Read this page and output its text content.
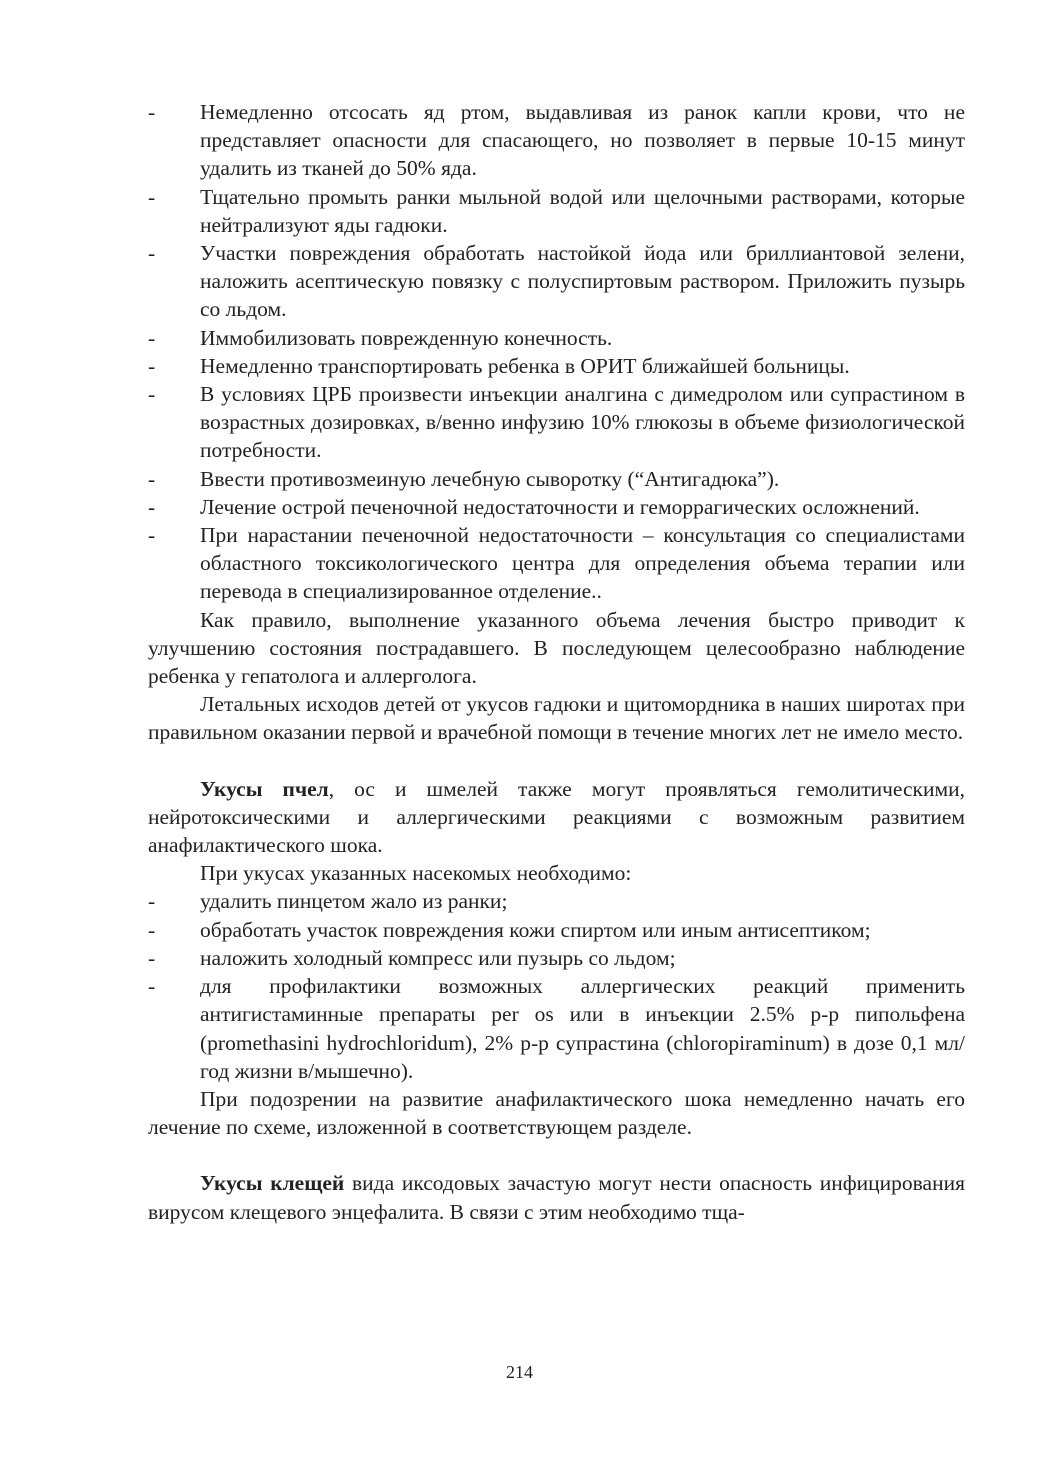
-	Немедленно отсосать яд ртом, выдавливая из ранок капли крови, что не представляет опасности для спасающего, но позволяет в первые 10-15 минут удалить из тканей до 50% яда.
-	Тщательно промыть ранки мыльной водой или щелочными растворами, которые нейтрализуют яды гадюки.
-	Участки повреждения обработать настойкой йода или бриллиантовой зелени, наложить асептическую повязку с полуспиртовым раствором. Приложить пузырь со льдом.
-	Иммобилизовать поврежденную конечность.
-	Немедленно транспортировать ребенка в ОРИТ ближайшей больницы.
-	В условиях ЦРБ произвести инъекции аналгина с димедролом или супрастином в возрастных дозировках, в/венно инфузию 10% глюкозы в объеме физиологической потребности.
-	Ввести противозмеиную лечебную сыворотку (“Антигадюка”).
-	Лечение острой печеночной недостаточности и геморрагических осложнений.
-	При нарастании печеночной недостаточности – консультация со специалистами областного токсикологического центра для определения объема терапии или перевода в специализированное отделение..

Как правило, выполнение указанного объема лечения быстро приводит к улучшению состояния пострадавшего. В последующем целесообразно наблюдение ребенка у гепатолога и аллерголога.

Летальных исходов детей от укусов гадюки и щитомордника в наших широтах при правильном оказании первой и врачебной помощи в течение многих лет не имело место.

Укусы пчел, ос и шмелей также могут проявляться гемолитическими, нейротоксическими и аллергическими реакциями с возможным развитием анафилактического шока.

При укусах указанных насекомых необходимо:

-	удалить пинцетом жало из ранки;
-	обработать участок повреждения кожи спиртом или иным антисептиком;
-	наложить холодный компресс или пузырь со льдом;
-	для профилактики возможных аллергических реакций применить антигистаминные препараты per os или в инъекции 2.5% р-р пипольфена (promethasini hydrochloridum), 2% р-р супрастина (chloropiraminum) в дозе 0,1 мл/год жизни в/мышечно).

При подозрении на развитие анафилактического шока немедленно начать его лечение по схеме, изложенной в соответствующем разделе.

Укусы клещей вида иксодовых зачастую могут нести опасность инфицирования вирусом клещевого энцефалита. В связи с этим необходимо тща-

214
